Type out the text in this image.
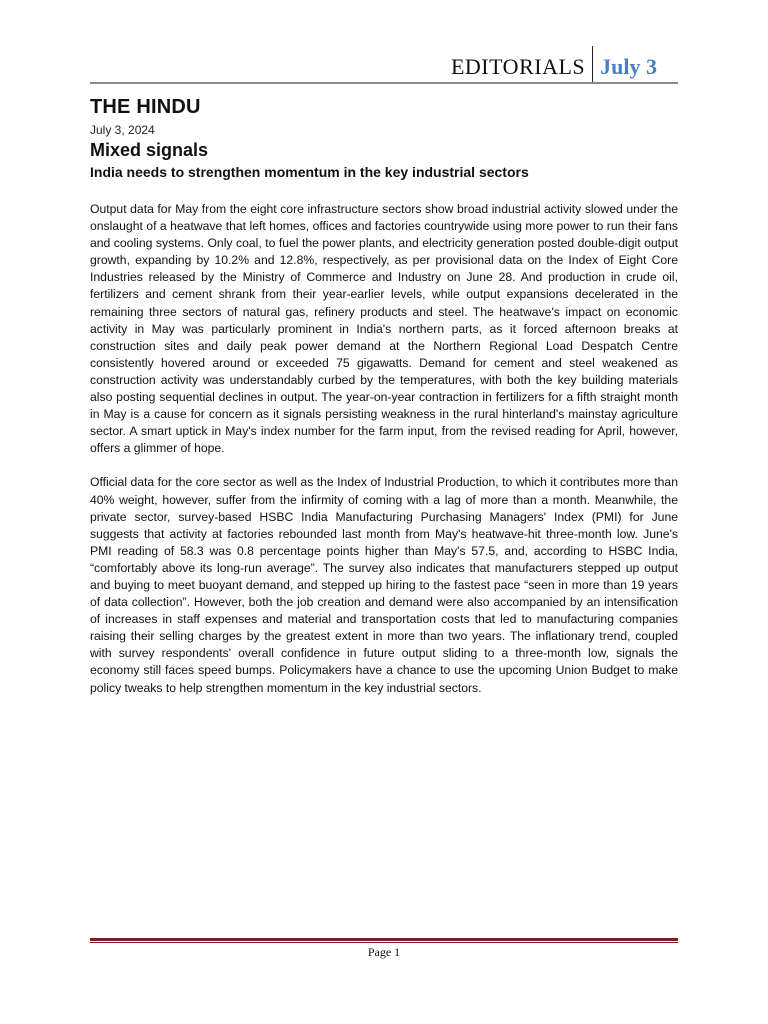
EDITORIALS July 3
THE HINDU
July 3, 2024
Mixed signals
India needs to strengthen momentum in the key industrial sectors

Output data for May from the eight core infrastructure sectors show broad industrial activity slowed under the onslaught of a heatwave that left homes, offices and factories countrywide using more power to run their fans and cooling systems. Only coal, to fuel the power plants, and electricity generation posted double-digit output growth, expanding by 10.2% and 12.8%, respectively, as per provisional data on the Index of Eight Core Industries released by the Ministry of Commerce and Industry on June 28. And production in crude oil, fertilizers and cement shrank from their year-earlier levels, while output expansions decelerated in the remaining three sectors of natural gas, refinery products and steel. The heatwave's impact on economic activity in May was particularly prominent in India's northern parts, as it forced afternoon breaks at construction sites and daily peak power demand at the Northern Regional Load Despatch Centre consistently hovered around or exceeded 75 gigawatts. Demand for cement and steel weakened as construction activity was understandably curbed by the temperatures, with both the key building materials also posting sequential declines in output. The year-on-year contraction in fertilizers for a fifth straight month in May is a cause for concern as it signals persisting weakness in the rural hinterland's mainstay agriculture sector. A smart uptick in May's index number for the farm input, from the revised reading for April, however, offers a glimmer of hope.

Official data for the core sector as well as the Index of Industrial Production, to which it contributes more than 40% weight, however, suffer from the infirmity of coming with a lag of more than a month. Meanwhile, the private sector, survey-based HSBC India Manufacturing Purchasing Managers' Index (PMI) for June suggests that activity at factories rebounded last month from May's heatwave-hit three-month low. June's PMI reading of 58.3 was 0.8 percentage points higher than May's 57.5, and, according to HSBC India, “comfortably above its long-run average”. The survey also indicates that manufacturers stepped up output and buying to meet buoyant demand, and stepped up hiring to the fastest pace “seen in more than 19 years of data collection”. However, both the job creation and demand were also accompanied by an intensification of increases in staff expenses and material and transportation costs that led to manufacturing companies raising their selling charges by the greatest extent in more than two years. The inflationary trend, coupled with survey respondents' overall confidence in future output sliding to a three-month low, signals the economy still faces speed bumps. Policymakers have a chance to use the upcoming Union Budget to make policy tweaks to help strengthen momentum in the key industrial sectors.

Page 1
